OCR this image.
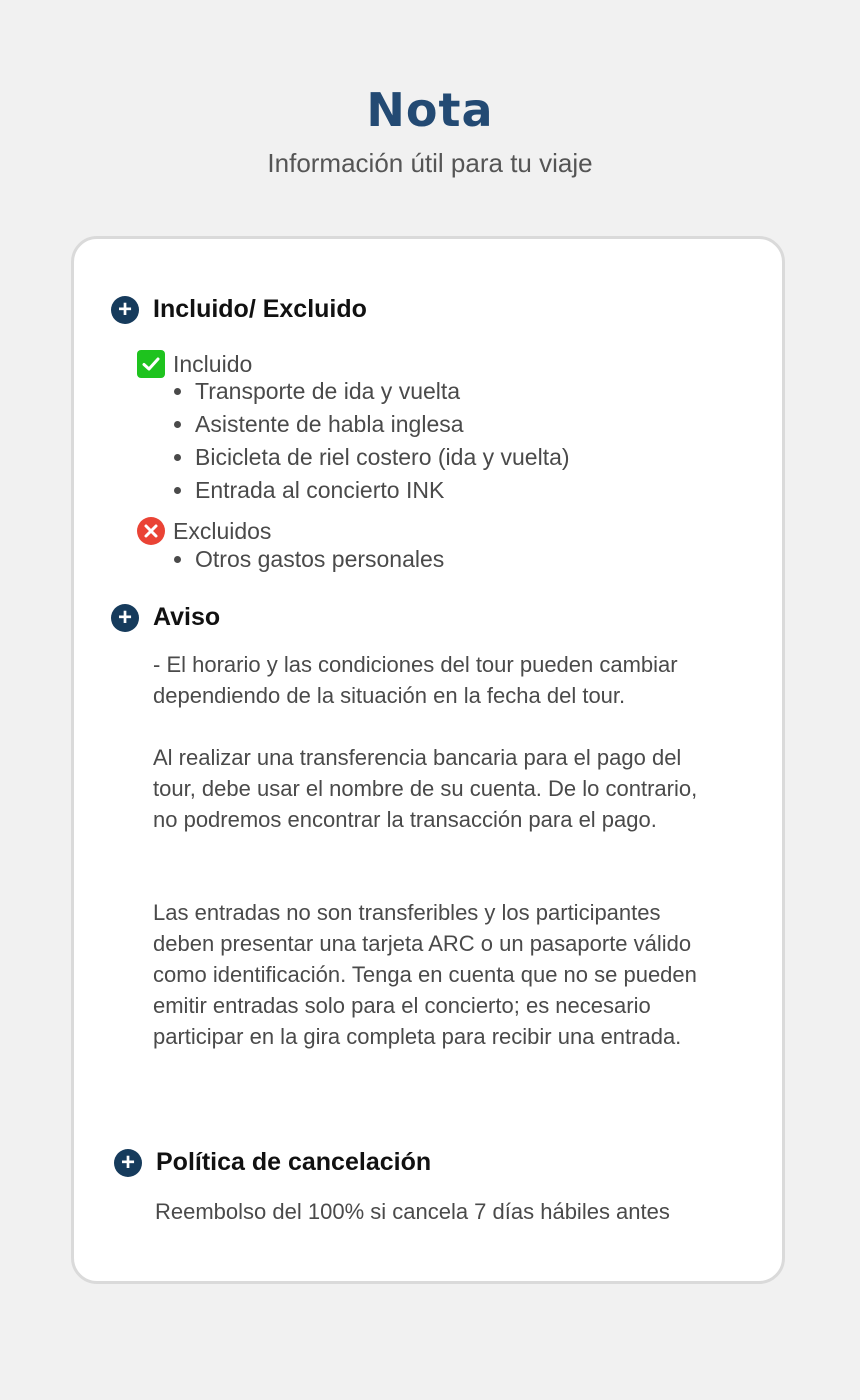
Nota

Información útil para tu viaje

+ Incluido/ Excluido
Incluido
• Transporte de ida y vuelta
• Asistente de habla inglesa
• Bicicleta de riel costero (ida y vuelta)
• Entrada al concierto INK
Excluidos
• Otros gastos personales
+ Aviso

- El horario y las condiciones del tour pueden cambiar dependiendo de la situación en la fecha del tour.

Al realizar una transferencia bancaria para el pago del tour, debe usar el nombre de su cuenta. De lo contrario, no podremos encontrar la transacción para el pago.

Las entradas no son transferibles y los participantes deben presentar una tarjeta ARC o un pasaporte válido como identificación. Tenga en cuenta que no se pueden emitir entradas solo para el concierto; es necesario participar en la gira completa para recibir una entrada.

+ Política de cancelación

Reembolso del 100% si cancela 7 días hábiles antes
